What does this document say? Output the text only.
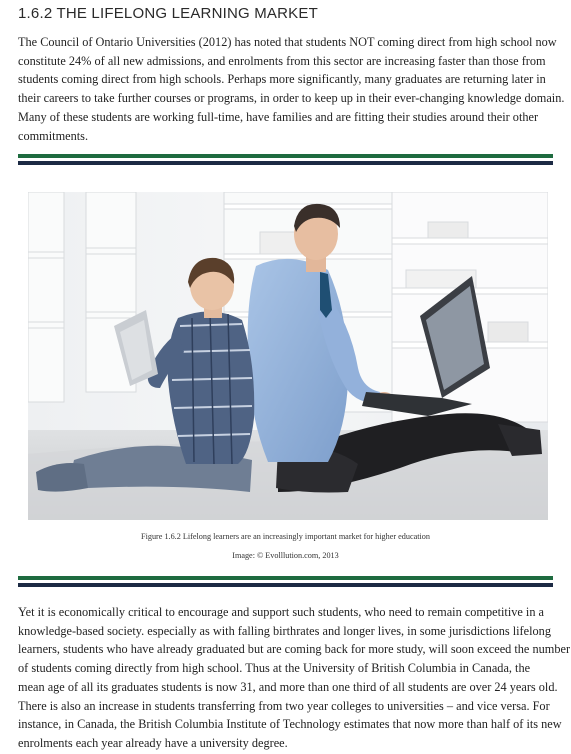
1.6.2 THE LIFELONG LEARNING MARKET
The Council of Ontario Universities (2012) has noted that students NOT coming direct from high school now
constitute 24% of all new admissions, and enrolments from this sector are increasing faster than those from
students coming direct from high schools. Perhaps more significantly, many graduates are returning later in
their careers to take further courses or programs, in order to keep up in their ever-changing knowledge domain.
Many of these students are working full-time, have families and are fitting their studies around their other
commitments.
Figure 1.6.2 Lifelong learners are an increasingly important market for higher education
Image: © Evolllution.com, 2013
Yet it is economically critical to encourage and support such students, who need to remain competitive in a
knowledge-based society. especially as with falling birthrates and longer lives, in some jurisdictions lifelong
learners, students who have already graduated but are coming back for more study, will soon exceed the number
of students coming directly from high school. Thus at the University of British Columbia in Canada, the
mean age of all its graduates students is now 31, and more than one third of all students are over 24 years old.
There is also an increase in students transferring from two year colleges to universities – and vice versa. For
instance, in Canada, the British Columbia Institute of Technology estimates that now more than half of its new
enrolments each year already have a university degree.
